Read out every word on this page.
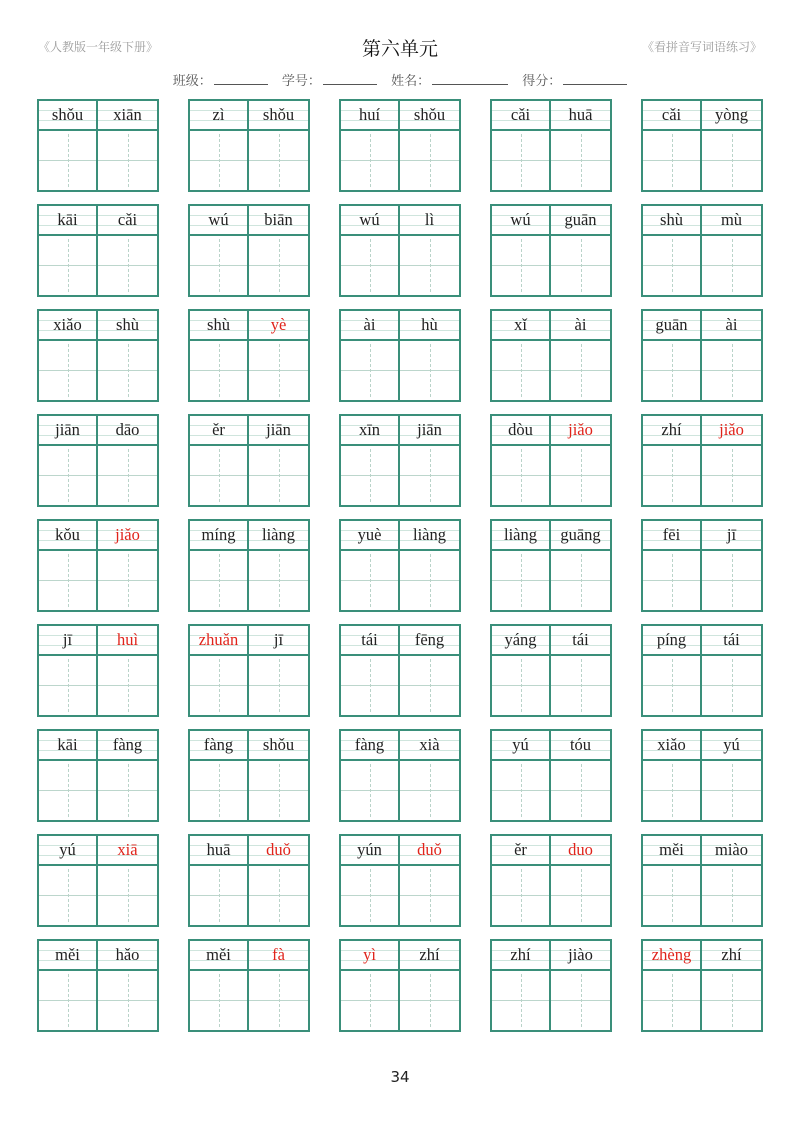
《人教版一年级下册》	第六单元	《看拼音写词语练习》
班级：	学号：	姓名：	得分：
shǒu	xiān	zì	shǒu	huí	shǒu	cǎi	huā	cǎi	yòng
kāi	cǎi	wú	biān	wú	lì	wú	guān	shù	mù
xiǎo	shù	shù	yè	ài	hù	xǐ	ài	guān	ài
jiān	dāo	ěr	jiān	xīn	jiān	dòu	jiǎo	zhí	jiǎo
kǒu	jiǎo	míng	liàng	yuè	liàng	liàng	guāng	fēi	jī
jī	huì	zhuǎn	jī	tái	fēng	yáng	tái	píng	tái
kāi	fàng	fàng	shǒu	fàng	xià	yú	tóu	xiǎo	yú
yú	xiā	huā	duǒ	yún	duǒ	ěr	duo	měi	miào
měi	hǎo	měi	fà	yì	zhí	zhí	jiào	zhèng	zhí
34
